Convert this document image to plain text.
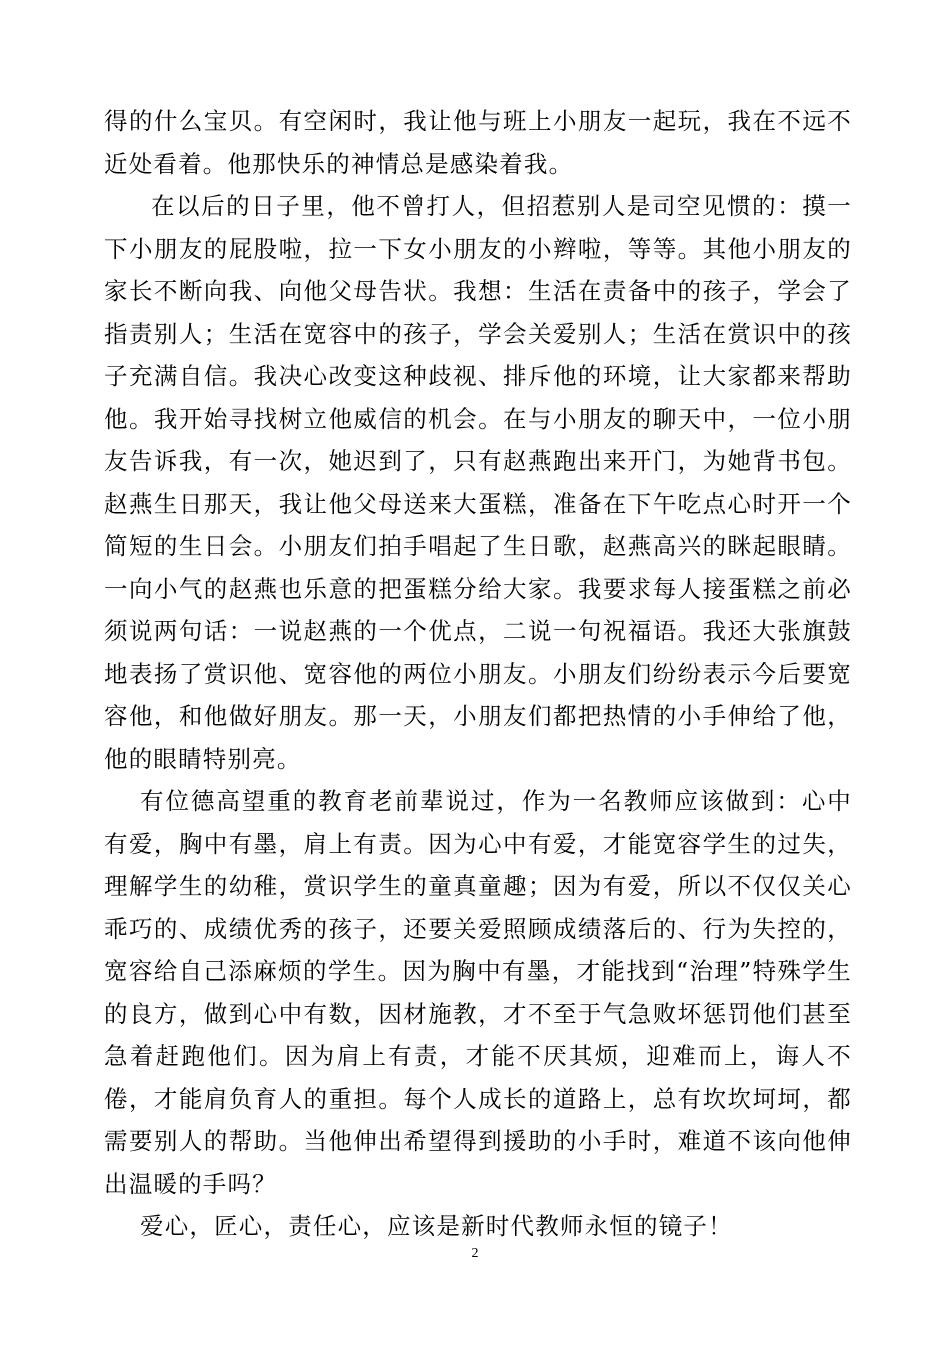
得的什么宝贝。有空闲时，我让他与班上小朋友一起玩，我在不远不近处看着。他那快乐的神情总是感染着我。

在以后的日子里，他不曾打人，但招惹别人是司空见惯的：摸一下小朋友的屁股啦，拉一下女小朋友的小辫啦，等等。其他小朋友的家长不断向我、向他父母告状。我想：生活在责备中的孩子，学会了指责别人；生活在宽容中的孩子，学会关爱别人；生活在赏识中的孩子充满自信。我决心改变这种歧视、排斥他的环境，让大家都来帮助他。我开始寻找树立他威信的机会。在与小朋友的聊天中，一位小朋友告诉我，有一次，她迟到了，只有赵燕跑出来开门，为她背书包。赵燕生日那天，我让他父母送来大蛋糕，准备在下午吃点心时开一个简短的生日会。小朋友们拍手唱起了生日歌，赵燕高兴的眯起眼睛。一向小气的赵燕也乐意的把蛋糕分给大家。我要求每人接蛋糕之前必须说两句话：一说赵燕的一个优点，二说一句祝福语。我还大张旗鼓地表扬了赏识他、宽容他的两位小朋友。小朋友们纷纷表示今后要宽容他，和他做好朋友。那一天，小朋友们都把热情的小手伸给了他，他的眼睛特别亮。

有位德高望重的教育老前辈说过，作为一名教师应该做到：心中有爱，胸中有墨，肩上有责。因为心中有爱，才能宽容学生的过失，理解学生的幼稚，赏识学生的童真童趣；因为有爱，所以不仅仅关心乖巧的、成绩优秀的孩子，还要关爱照顾成绩落后的、行为失控的，宽容给自己添麻烦的学生。因为胸中有墨，才能找到“治理”特殊学生的良方，做到心中有数，因材施教，才不至于气急败坏惩罚他们甚至急着赶跑他们。因为肩上有责，才能不厌其烦，迎难而上，诲人不倦，才能肩负育人的重担。每个人成长的道路上，总有坎坎坷坷，都需要别人的帮助。当他伸出希望得到援助的小手时，难道不该向他伸出温暖的手吗？

爱心，匠心，责任心，应该是新时代教师永恒的镜子！

2
